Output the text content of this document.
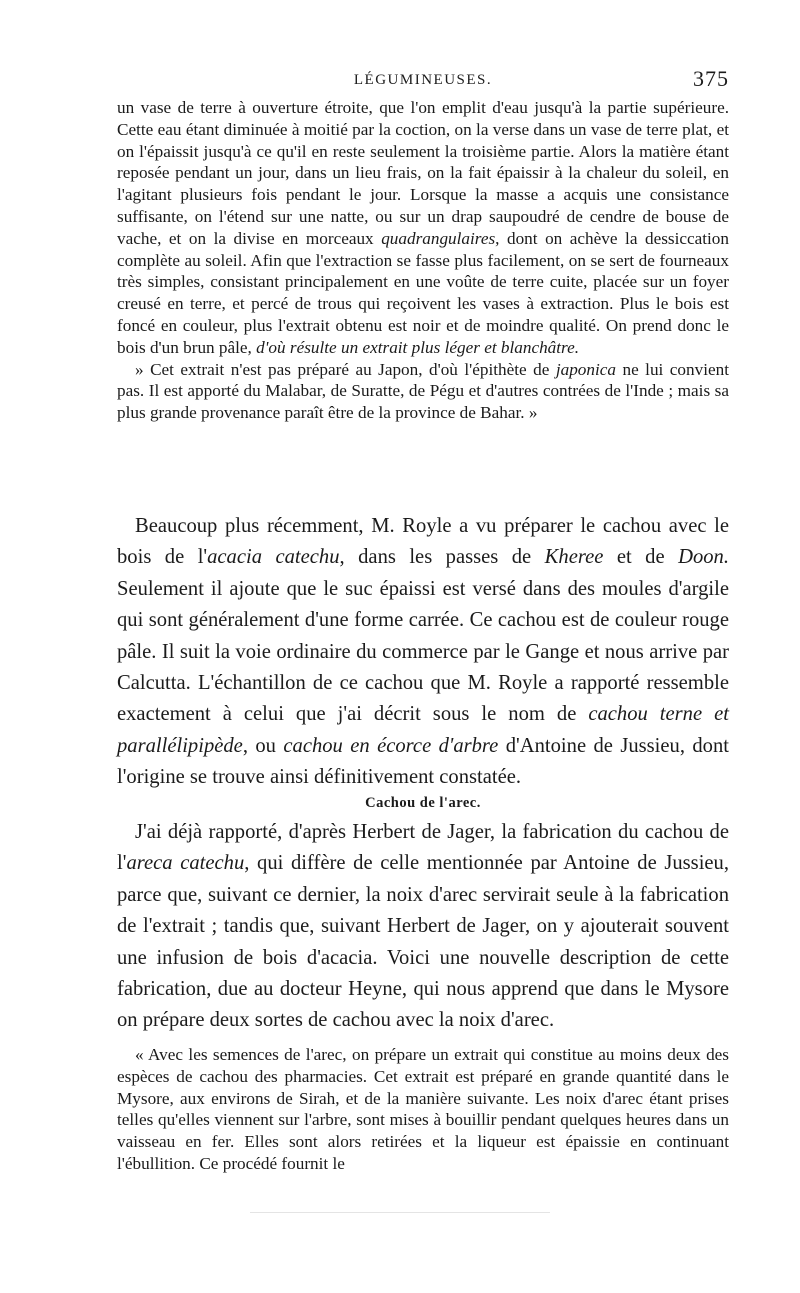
LÉGUMINEUSES.	375

un vase de terre à ouverture étroite, que l'on emplit d'eau jusqu'à la partie supérieure. Cette eau étant diminuée à moitié par la coction, on la verse dans un vase de terre plat, et on l'épaissit jusqu'à ce qu'il en reste seulement la troisième partie. Alors la matière étant reposée pendant un jour, dans un lieu frais, on la fait épaissir à la chaleur du soleil, en l'agitant plusieurs fois pendant le jour. Lorsque la masse a acquis une consistance suffisante, on l'étend sur une natte, ou sur un drap saupoudré de cendre de bouse de vache, et on la divise en morceaux quadrangulaires, dont on achève la dessiccation complète au soleil. Afin que l'extraction se fasse plus facilement, on se sert de fourneaux très simples, consistant principalement en une voûte de terre cuite, placée sur un foyer creusé en terre, et percé de trous qui reçoivent les vases à extraction. Plus le bois est foncé en couleur, plus l'extrait obtenu est noir et de moindre qualité. On prend donc le bois d'un brun pâle, d'où résulte un extrait plus léger et blanchâtre.

» Cet extrait n'est pas préparé au Japon, d'où l'épithète de japonica ne lui convient pas. Il est apporté du Malabar, de Suratte, de Pégu et d'autres contrées de l'Inde ; mais sa plus grande provenance paraît être de la province de Bahar. »

Beaucoup plus récemment, M. Royle a vu préparer le cachou avec le bois de l'acacia catechu, dans les passes de Kheree et de Doon. Seulement il ajoute que le suc épaissi est versé dans des moules d'argile qui sont généralement d'une forme carrée. Ce cachou est de couleur rouge pâle. Il suit la voie ordinaire du commerce par le Gange et nous arrive par Calcutta. L'échantillon de ce cachou que M. Royle a rapporté ressemble exactement à celui que j'ai décrit sous le nom de cachou terne et parallélipipède, ou cachou en écorce d'arbre d'Antoine de Jussieu, dont l'origine se trouve ainsi définitivement constatée.

Cachou de l'arec.

J'ai déjà rapporté, d'après Herbert de Jager, la fabrication du cachou de l'areca catechu, qui diffère de celle mentionnée par Antoine de Jussieu, parce que, suivant ce dernier, la noix d'arec servirait seule à la fabrication de l'extrait ; tandis que, suivant Herbert de Jager, on y ajouterait souvent une infusion de bois d'acacia. Voici une nouvelle description de cette fabrication, due au docteur Heyne, qui nous apprend que dans le Mysore on prépare deux sortes de cachou avec la noix d'arec.

« Avec les semences de l'arec, on prépare un extrait qui constitue au moins deux des espèces de cachou des pharmacies. Cet extrait est préparé en grande quantité dans le Mysore, aux environs de Sirah, et de la manière suivante. Les noix d'arec étant prises telles qu'elles viennent sur l'arbre, sont mises à bouillir pendant quelques heures dans un vaisseau en fer. Elles sont alors retirées et la liqueur est épaissie en continuant l'ébullition. Ce procédé fournit le
